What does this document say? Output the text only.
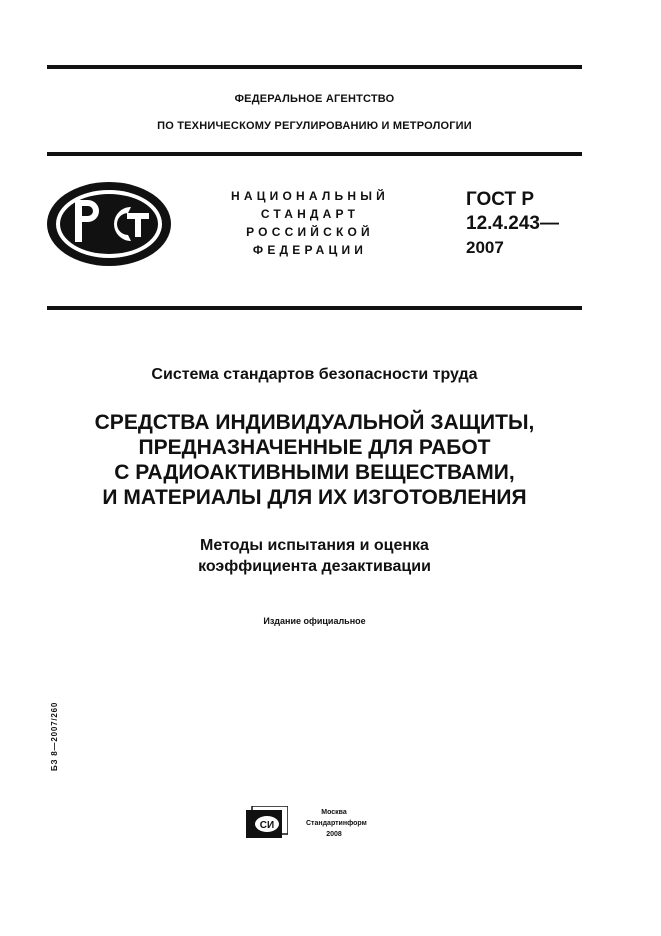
ФЕДЕРАЛЬНОЕ АГЕНТСТВО
ПО ТЕХНИЧЕСКОМУ РЕГУЛИРОВАНИЮ И МЕТРОЛОГИИ
НАЦИОНАЛЬНЫЙ
СТАНДАРТ
РОССИЙСКОЙ
ФЕДЕРАЦИИ
ГОСТ Р
12.4.243—
2007
Система стандартов безопасности труда
СРЕДСТВА ИНДИВИДУАЛЬНОЙ ЗАЩИТЫ,
ПРЕДНАЗНАЧЕННЫЕ ДЛЯ РАБОТ
С РАДИОАКТИВНЫМИ ВЕЩЕСТВАМИ,
И МАТЕРИАЛЫ ДЛЯ ИХ ИЗГОТОВЛЕНИЯ
Методы испытания и оценка
коэффициента дезактивации
Издание официальное
БЗ 8—2007/260
СИ
Москва
Стандартинформ
2008
